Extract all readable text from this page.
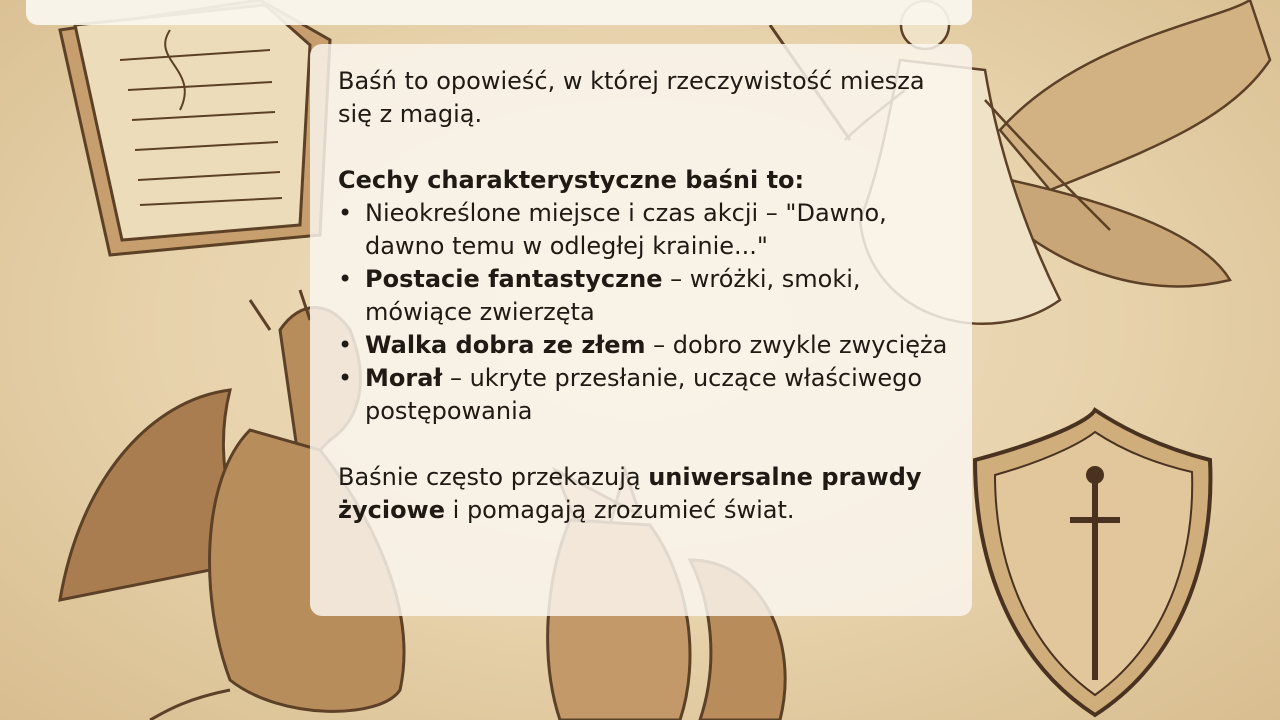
Baśń to opowieść, w której rzeczywistość miesza się z magią.

Cechy charakterystyczne baśni to:

• Nieokreślone miejsce i czas akcji – "Dawno, dawno temu w odległej krainie..."
• Postacie fantastyczne – wróżki, smoki, mówiące zwierzęta
• Walka dobra ze złem – dobro zwykle zwycięża
• Morał – ukryte przesłanie, uczące właściwego postępowania

Baśnie często przekazują uniwersalne prawdy życiowe i pomagają zrozumieć świat.
